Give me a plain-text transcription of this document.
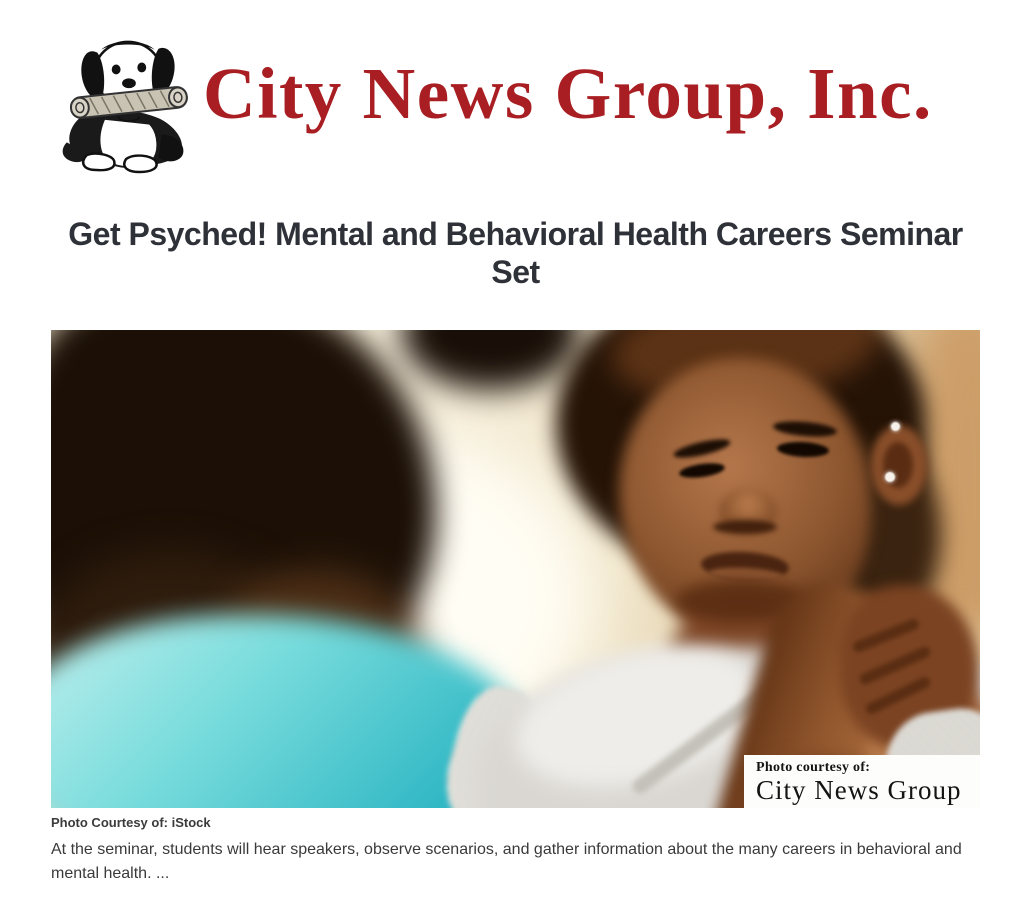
City News Group, Inc.
Get Psyched! Mental and Behavioral Health Careers Seminar
Set
Photo courtesy of:
City News Group
Photo Courtesy of: iStock

At the seminar, students will hear speakers, observe scenarios, and gather information about the many careers in behavioral and
mental health. ...
